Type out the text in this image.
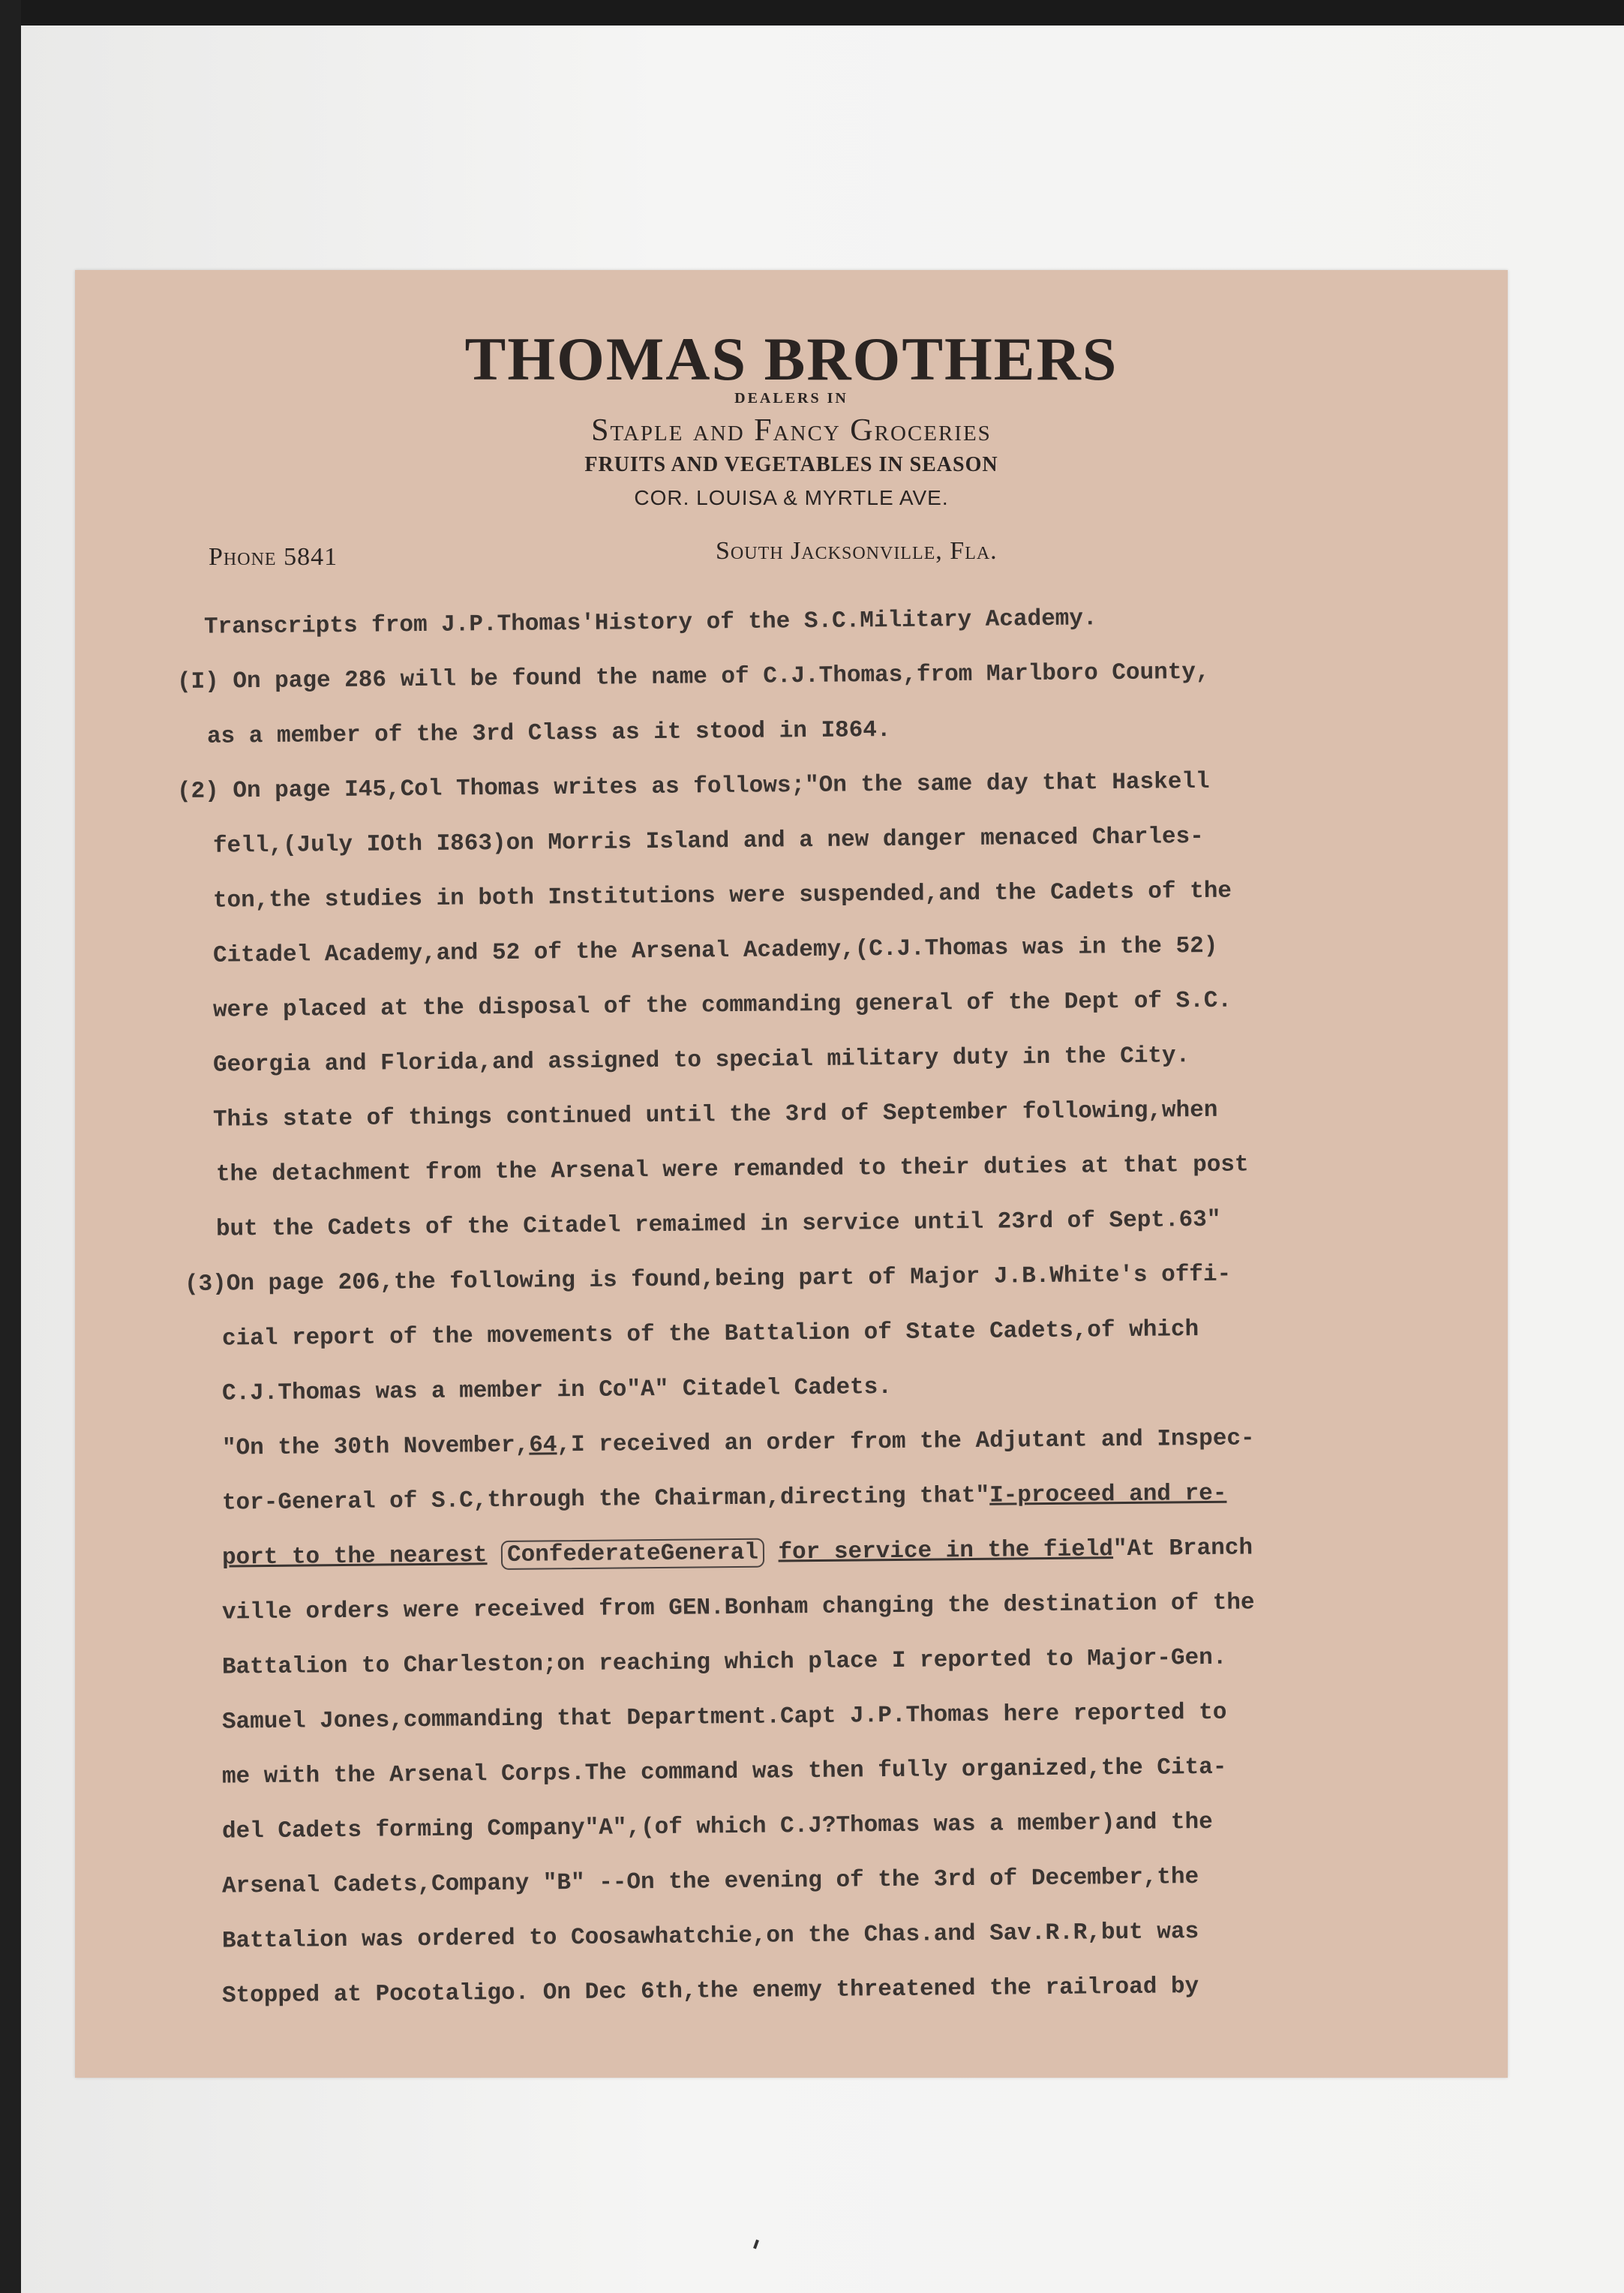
THOMAS BROTHERS
DEALERS IN
Staple and Fancy Groceries
FRUITS AND VEGETABLES IN SEASON
COR. LOUISA & MYRTLE AVE.
Phone 5841	South Jacksonville, Fla.
Transcripts from J.P.Thomas'History of the S.C.Military Academy.
(I) On page 286 will be found the name of C.J.Thomas,from Marlboro County,
as a member of the 3rd Class as it stood in I864.
(2) On page I45,Col Thomas writes as follows;"On the same day that Haskell
fell,(July IOth I863)on Morris Island and a new danger menaced Charles-
ton,the studies in both Institutions were suspended,and the Cadets of the
Citadel Academy,and 52 of the Arsenal Academy,(C.J.Thomas was in the 52)
were placed at the disposal of the commanding general of the Dept of S.C.
Georgia and Florida,and assigned to special military duty in the City.
This state of things continued until the 3rd of September following,when
the detachment from the Arsenal were remanded to their duties at that post
but the Cadets of the Citadel remaimed in service until 23rd of Sept.63"
(3)On page 206,the following is found,being part of Major J.B.White's offi-
cial report of the movements of the Battalion of State Cadets,of which
C.J.Thomas was a member in Co"A" Citadel Cadets.
"On the 30th November,64,I received an order from the Adjutant and Inspec-
tor-General of S.C,through the Chairman,directing that"I-proceed and re-
port to the nearest ConfederateGeneral for service in the field"At Branch
ville orders were received from GEN.Bonham changing the destination of the
Battalion to Charleston;on reaching which place I reported to Major-Gen.
Samuel Jones,commanding that Department.Capt J.P.Thomas here reported to
me with the Arsenal Corps.The command was then fully organized,the Cita-
del Cadets forming Company"A",(of which C.J?Thomas was a member)and the
Arsenal Cadets,Company "B" --On the evening of the 3rd of December,the
Battalion was ordered to Coosawhatchie,on the Chas.and Sav.R.R,but was
Stopped at Pocotaligo. On Dec 6th,the enemy threatened the railroad by
